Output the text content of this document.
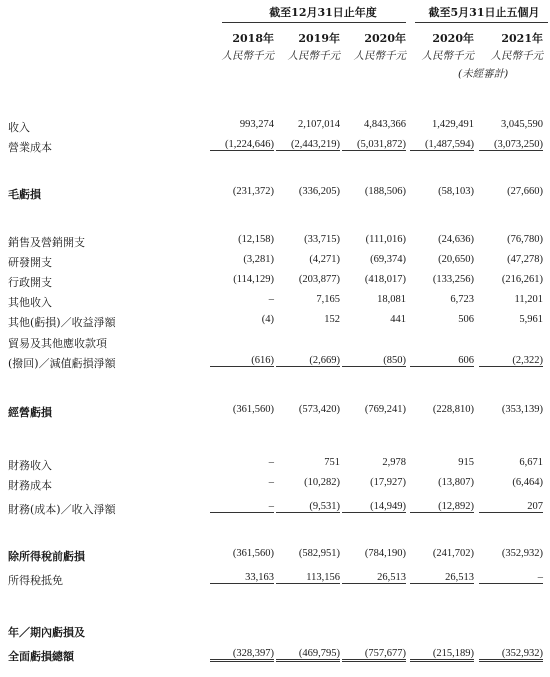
截至12月31日止年度	截至5月31日止五個月
(未經審計)
2018年	2019年	2020年	2020年	2021年
人民幣千元	人民幣千元	人民幣千元	人民幣千元	人民幣千元
收入	993,274	2,107,014	4,843,366	1,429,491	3,045,590
營業成本	(1,224,646)	(2,443,219)	(5,031,872)	(1,487,594)	(3,073,250)
毛虧損	(231,372)	(336,205)	(188,506)	(58,103)	(27,660)
銷售及營銷開支	(12,158)	(33,715)	(111,016)	(24,636)	(76,780)
研發開支	(3,281)	(4,271)	(69,374)	(20,650)	(47,278)
行政開支	(114,129)	(203,877)	(418,017)	(133,256)	(216,261)
其他收入	–	7,165	18,081	6,723	11,201
其他(虧損)／收益淨額	(4)	152	441	506	5,961
貿易及其他應收款項
(撥回)／減值虧損淨額	(616)	(2,669)	(850)	606	(2,322)
經營虧損	(361,560)	(573,420)	(769,241)	(228,810)	(353,139)
財務收入	–	751	2,978	915	6,671
財務成本	–	(10,282)	(17,927)	(13,807)	(6,464)
財務(成本)／收入淨額	–	(9,531)	(14,949)	(12,892)	207
除所得稅前虧損	(361,560)	(582,951)	(784,190)	(241,702)	(352,932)
所得稅抵免	33,163	113,156	26,513	26,513	–
年／期內虧損及
全面虧損總額	(328,397)	(469,795)	(757,677)	(215,189)	(352,932)
